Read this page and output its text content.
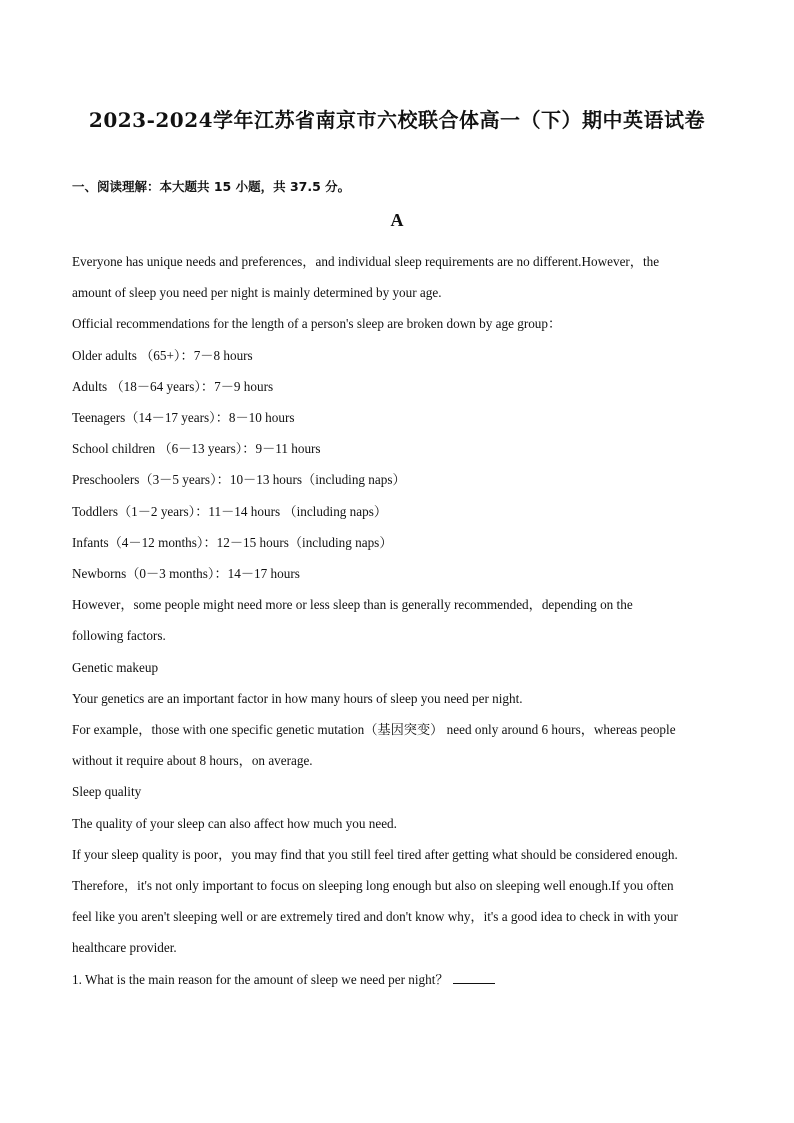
2023-2024学年江苏省南京市六校联合体高一（下）期中英语试卷
一、阅读理解：本大题共 15 小题，共 37.5 分。
A

Everyone has unique needs and preferences，and individual sleep requirements are no different.However，the

amount of sleep you need per night is mainly determined by your age.

Official recommendations for the length of a person's sleep are broken down by age group：

Older adults （65+）：7－8 hours

Adults （18－64 years）：7－9 hours

Teenagers（14－17 years）：8－10 hours

School children （6－13 years）：9－11 hours

Preschoolers（3－5 years）：10－13 hours（including naps）

Toddlers（1－2 years）：11－14 hours （including naps）

Infants（4－12 months）：12－15 hours（including naps）

Newborns（0－3 months）：14－17 hours

However，some people might need more or less sleep than is generally recommended，depending on the

following factors.

Genetic makeup

Your genetics are an important factor in how many hours of sleep you need per night.

For example，those with one specific genetic mutation（基因突变） need only around 6 hours，whereas people

without it require about 8 hours，on average.

Sleep quality

The quality of your sleep can also affect how much you need.

If your sleep quality is poor，you may find that you still feel tired after getting what should be considered enough.

Therefore，it's not only important to focus on sleeping long enough but also on sleeping well enough.If you often

feel like you aren't sleeping well or are extremely tired and don't know why，it's a good idea to check in with your

healthcare provider.

1. What is the main reason for the amount of sleep we need per night？
